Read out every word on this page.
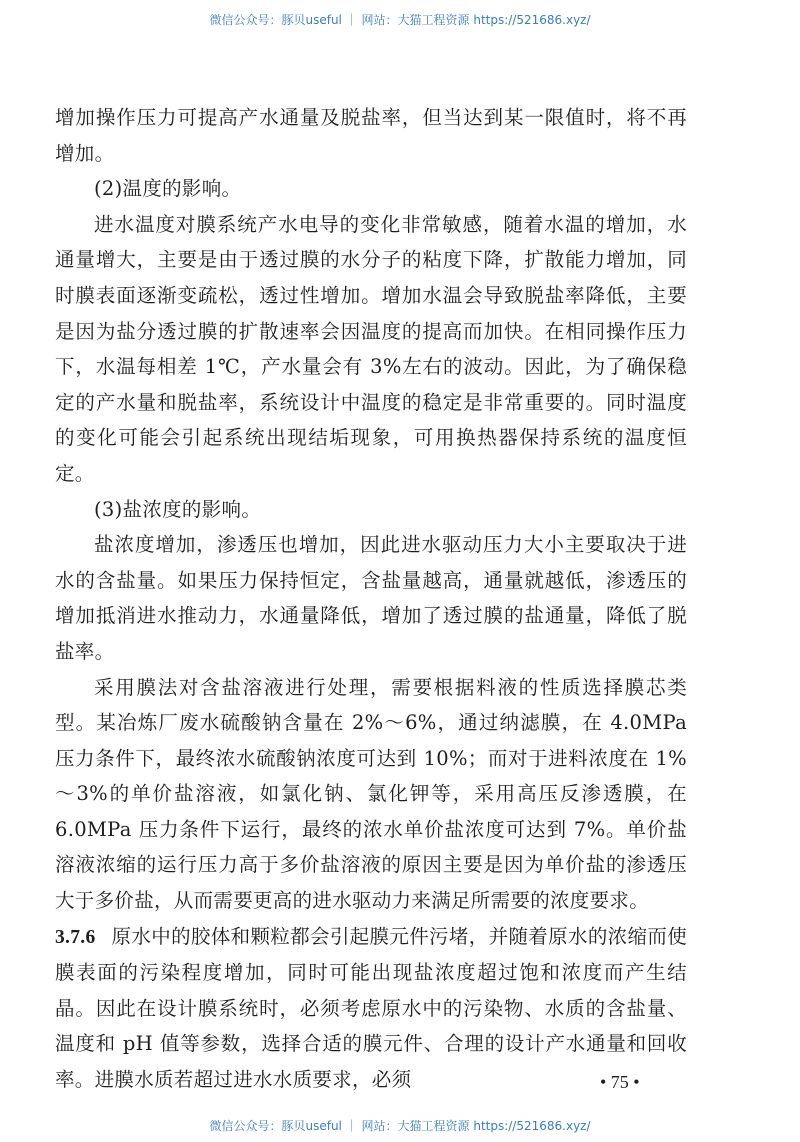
微信公众号：豚贝useful ｜ 网站：大猫工程资源 https://521686.xyz/

增加操作压力可提高产水通量及脱盐率，但当达到某一限值时，将不再增加。

(2)温度的影响。

进水温度对膜系统产水电导的变化非常敏感，随着水温的增加，水通量增大，主要是由于透过膜的水分子的粘度下降，扩散能力增加，同时膜表面逐渐变疏松，透过性增加。增加水温会导致脱盐率降低，主要是因为盐分透过膜的扩散速率会因温度的提高而加快。在相同操作压力下，水温每相差 1℃，产水量会有 3%左右的波动。因此，为了确保稳定的产水量和脱盐率，系统设计中温度的稳定是非常重要的。同时温度的变化可能会引起系统出现结垢现象，可用换热器保持系统的温度恒定。

(3)盐浓度的影响。

盐浓度增加，渗透压也增加，因此进水驱动压力大小主要取决于进水的含盐量。如果压力保持恒定，含盐量越高，通量就越低，渗透压的增加抵消进水推动力，水通量降低，增加了透过膜的盐通量，降低了脱盐率。

采用膜法对含盐溶液进行处理，需要根据料液的性质选择膜芯类型。某冶炼厂废水硫酸钠含量在 2%～6%，通过纳滤膜，在 4.0MPa 压力条件下，最终浓水硫酸钠浓度可达到 10%；而对于进料浓度在 1%～3%的单价盐溶液，如氯化钠、氯化钾等，采用高压反渗透膜，在 6.0MPa 压力条件下运行，最终的浓水单价盐浓度可达到 7%。单价盐溶液浓缩的运行压力高于多价盐溶液的原因主要是因为单价盐的渗透压大于多价盐，从而需要更高的进水驱动力来满足所需要的浓度要求。

3.7.6 原水中的胶体和颗粒都会引起膜元件污堵，并随着原水的浓缩而使膜表面的污染程度增加，同时可能出现盐浓度超过饱和浓度而产生结晶。因此在设计膜系统时，必须考虑原水中的污染物、水质的含盐量、温度和 pH 值等参数，选择合适的膜元件、合理的设计产水通量和回收率。进膜水质若超过进水水质要求，必须	• 75 •
微信公众号：豚贝useful ｜ 网站：大猫工程资源 https://521686.xyz/
